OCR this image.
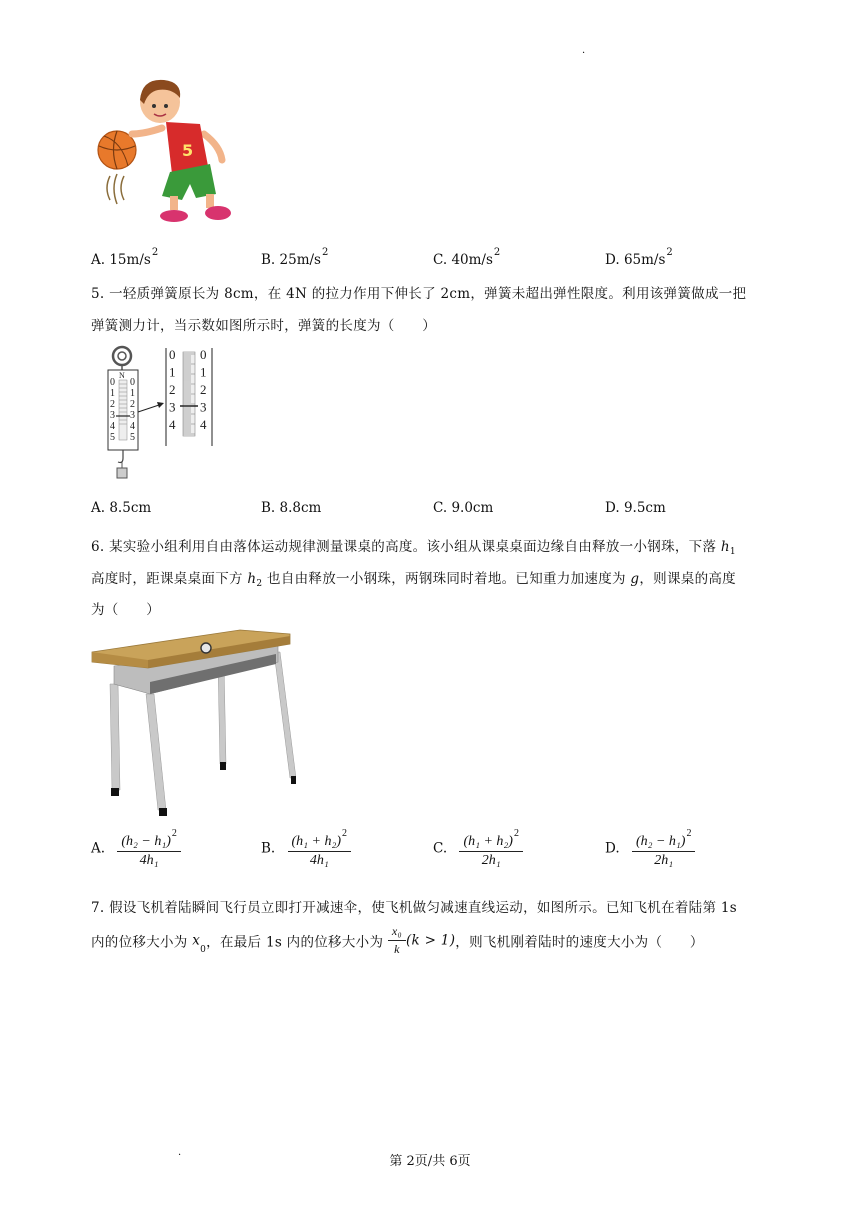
·
5
A. $15m/s^2$	B. $25m/s^2$	C. $40m/s^2$	D. $65m/s^2$
5. 一轻质弹簧原长为 8cm，在 4N 的拉力作用下伸长了 2cm，弹簧未超出弹性限度。利用该弹簧做成一把
弹簧测力计，当示数如图所示时，弹簧的长度为（　　）
N
0
1
2
3
4
5
0
1
2
3
4
5
0
1
2
3
4
0
1
2
3
4
A. 8.5cm	B. 8.8cm	C. 9.0cm	D. 9.5cm
6. 某实验小组利用自由落体运动规律测量课桌的高度。该小组从课桌桌面边缘自由释放一小钢珠，下落 $h_1$
高度时，距课桌桌面下方 $h_2$ 也自由释放一小钢珠，两钢珠同时着地。已知重力加速度为 g，则课桌的高度
为（　　）
A. $\frac{(h_2 - h_1)^2}{\text{4h₁}}$	B. $\frac{(h_1 + h_2)^2}{\text{4h₁}}$	C. $\frac{(h_1 + h_2)^2}{\text{2h₁}}$	D. $\frac{(h_2 - h_1)^2}{\text{2h₁}}$
7. 假设飞机着陆瞬间飞行员立即打开减速伞，使飞机做匀减速直线运动，如图所示。已知飞机在着陆第 1s
内的位移大小为 $x_0$，在最后 1s 内的位移大小为 $\frac{\text{x₀}}{k} (k > 1)$，则飞机刚着陆时的速度大小为（　　）
·	第 2页/共 6页
